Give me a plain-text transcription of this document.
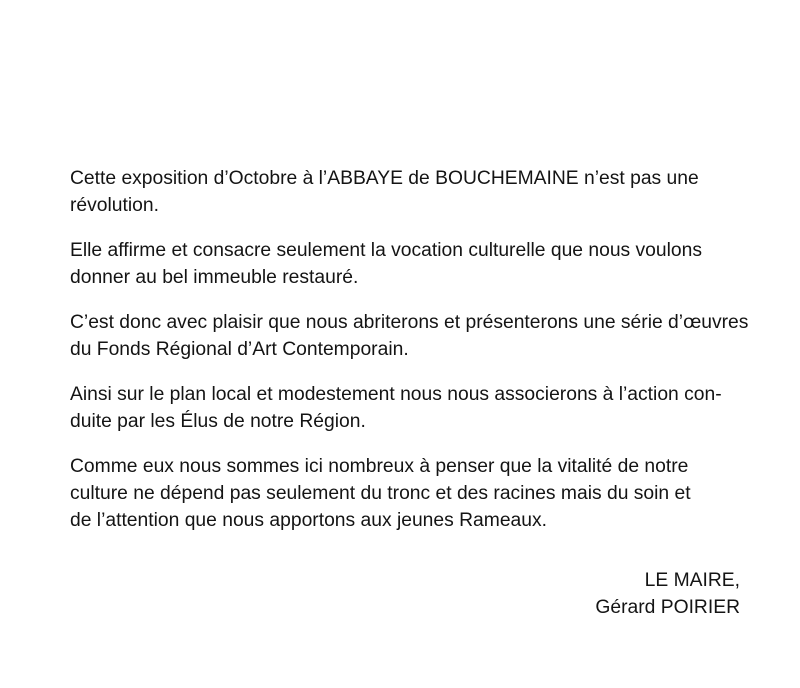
Cette exposition d’Octobre à l’ABBAYE de BOUCHEMAINE n’est pas une
révolution.

Elle affirme et consacre seulement la vocation culturelle que nous voulons
donner au bel immeuble restauré.

C’est donc avec plaisir que nous abriterons et présenterons une série d’œuvres
du Fonds Régional d’Art Contemporain.

Ainsi sur le plan local et modestement nous nous associerons à l’action con-
duite par les Élus de notre Région.

Comme eux nous sommes ici nombreux à penser que la vitalité de notre
culture ne dépend pas seulement du tronc et des racines mais du soin et
de l’attention que nous apportons aux jeunes Rameaux.

LE MAIRE,
Gérard POIRIER
